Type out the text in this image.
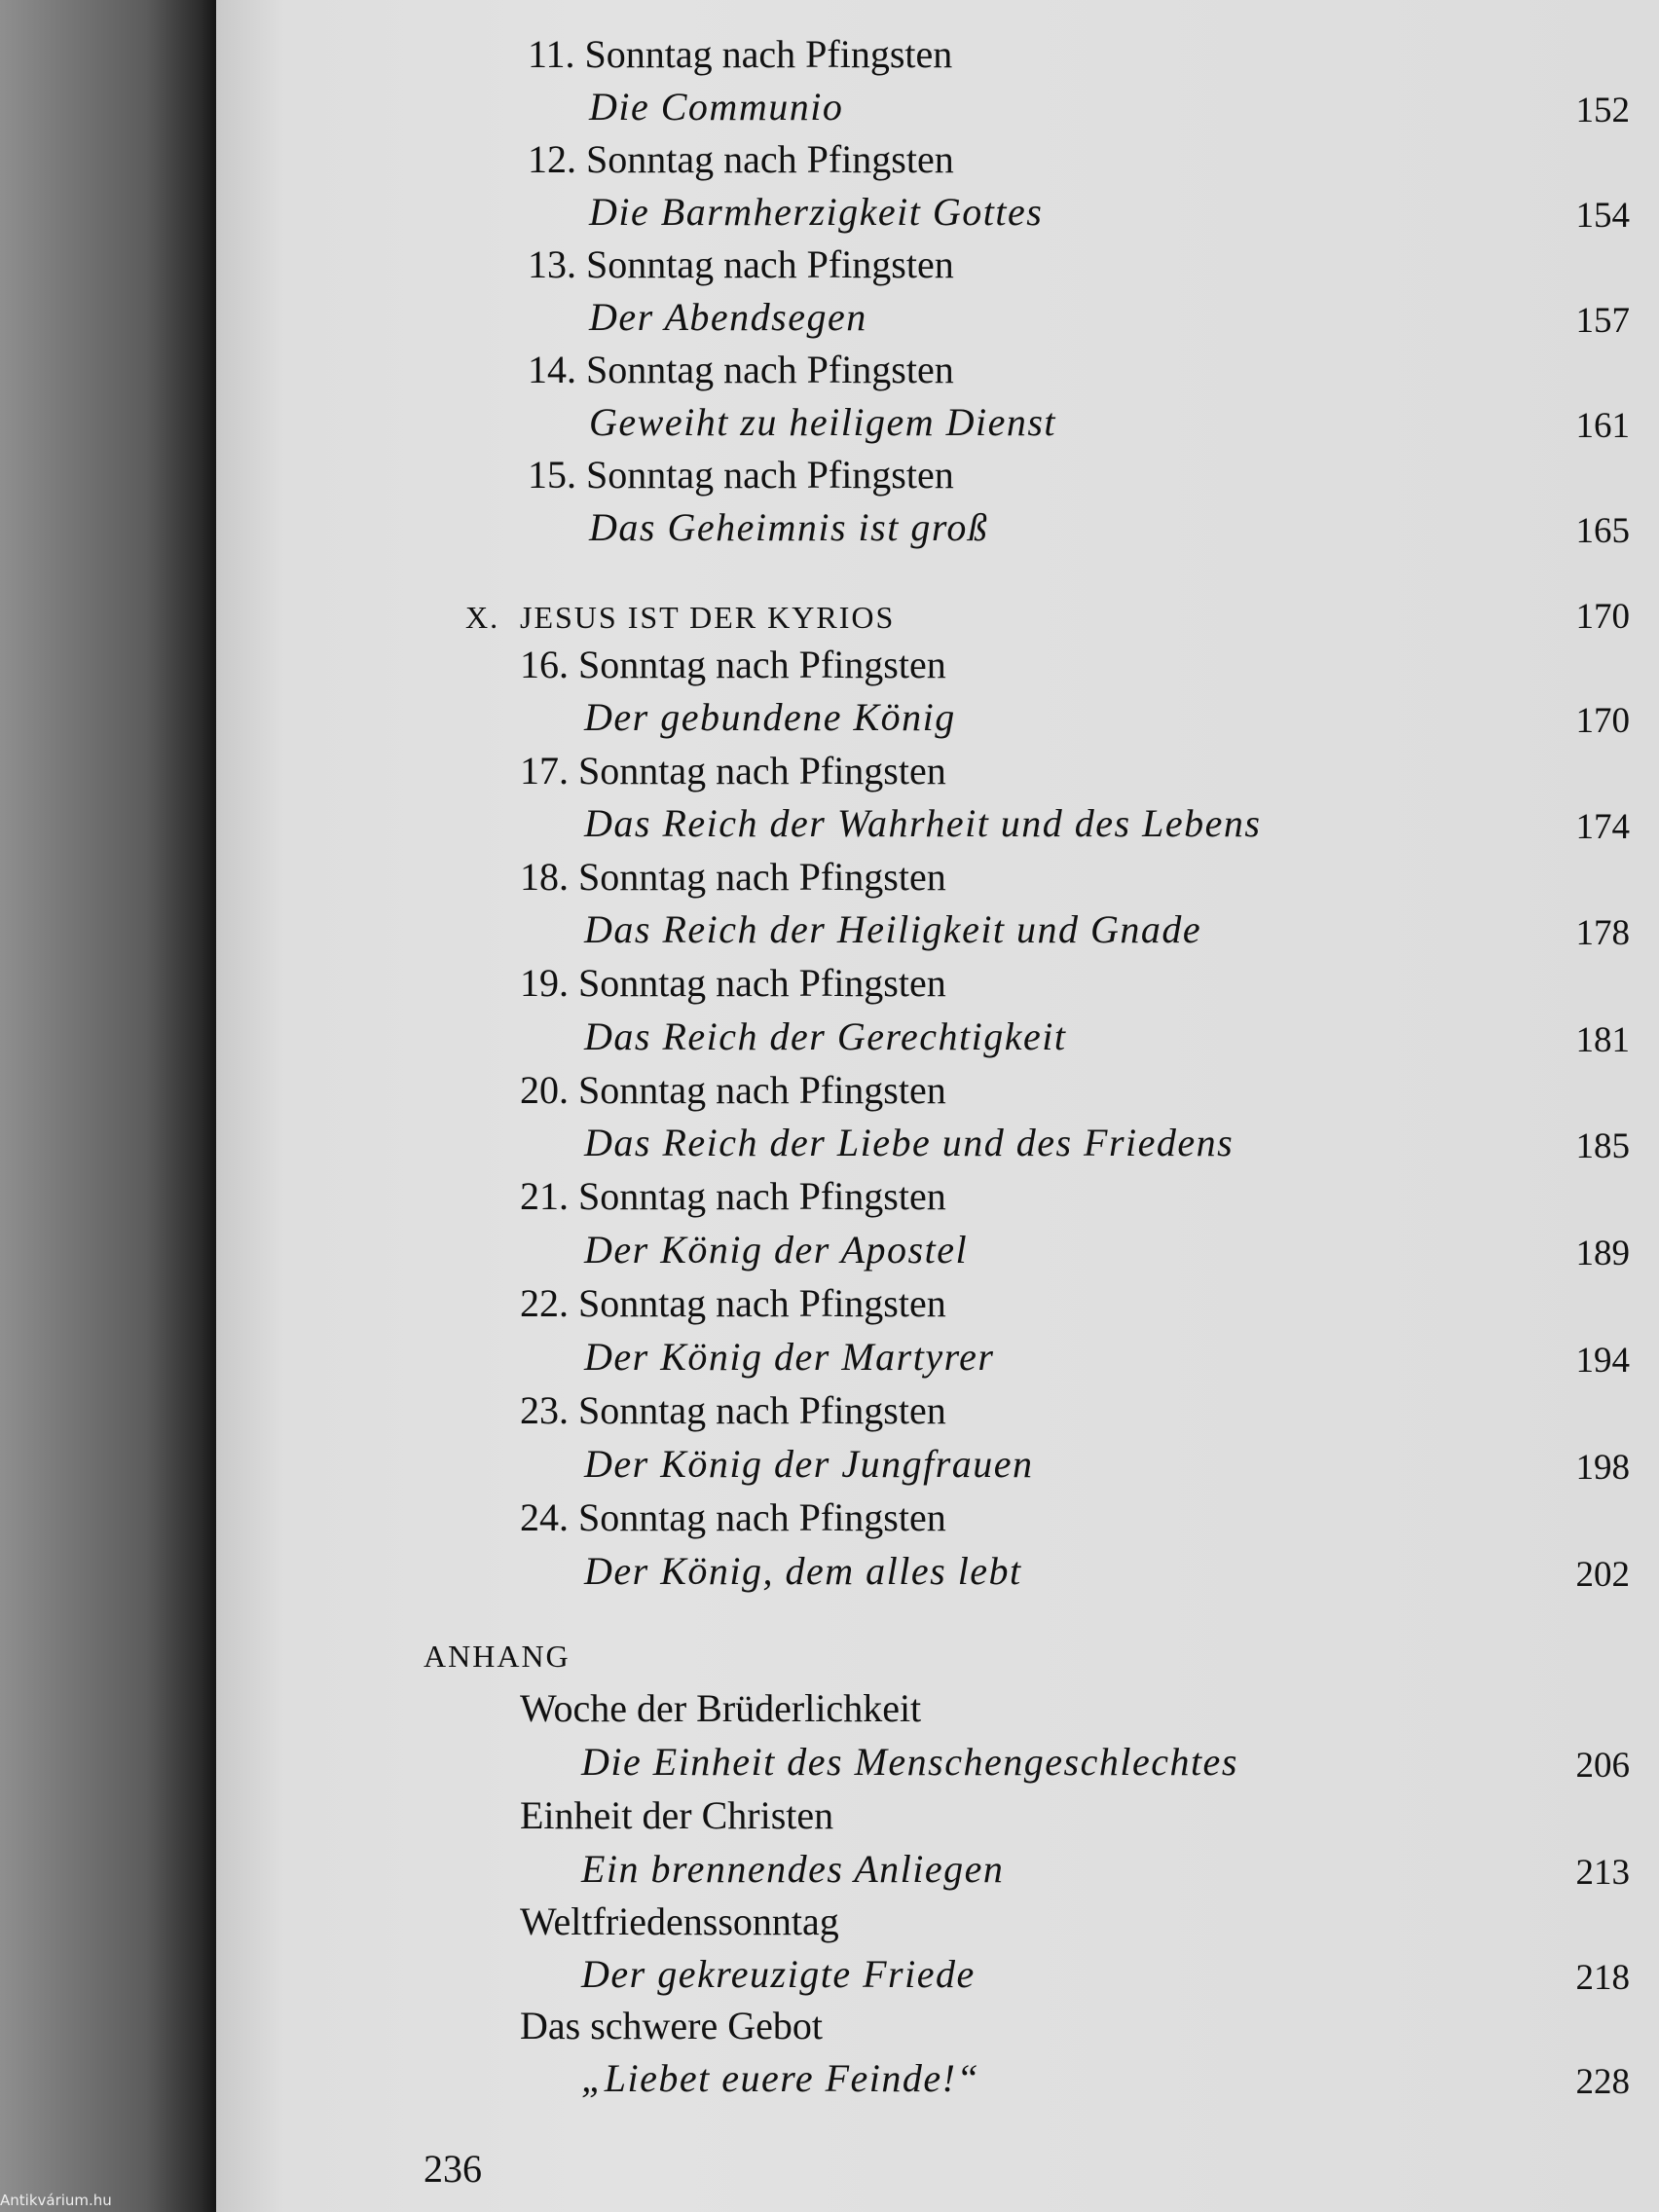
11. Sonntag nach Pfingsten
Die Communio	152
12. Sonntag nach Pfingsten
Die Barmherzigkeit Gottes	154
13. Sonntag nach Pfingsten
Der Abendsegen	157
14. Sonntag nach Pfingsten
Geweiht zu heiligem Dienst	161
15. Sonntag nach Pfingsten
Das Geheimnis ist groß	165
X. JESUS IST DER KYRIOS	170
16. Sonntag nach Pfingsten
Der gebundene König	170
17. Sonntag nach Pfingsten
Das Reich der Wahrheit und des Lebens	174
18. Sonntag nach Pfingsten
Das Reich der Heiligkeit und Gnade	178
19. Sonntag nach Pfingsten
Das Reich der Gerechtigkeit	181
20. Sonntag nach Pfingsten
Das Reich der Liebe und des Friedens	185
21. Sonntag nach Pfingsten
Der König der Apostel	189
22. Sonntag nach Pfingsten
Der König der Martyrer	194
23. Sonntag nach Pfingsten
Der König der Jungfrauen	198
24. Sonntag nach Pfingsten
Der König, dem alles lebt	202
ANHANG
Woche der Brüderlichkeit
Die Einheit des Menschengeschlechtes	206
Einheit der Christen
Ein brennendes Anliegen	213
Weltfriedenssonntag
Der gekreuzigte Friede	218
Das schwere Gebot
„Liebet euere Feinde!“	228
236
Antikvárium.hu
